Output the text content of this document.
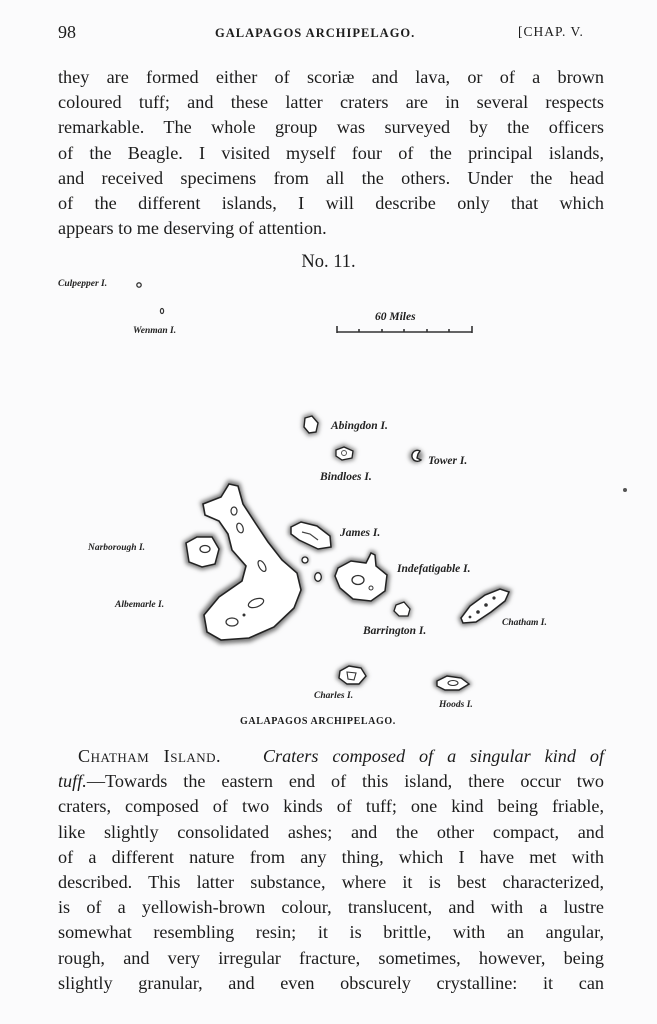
98	GALAPAGOS ARCHIPELAGO.	[CHAP. V.
they are formed either of scoriæ and lava, or of a brown
coloured tuff; and these latter craters are in several respects
remarkable. The whole group was surveyed by the officers
of the Beagle. I visited myself four of the principal islands,
and received specimens from all the others. Under the head
of the different islands, I will describe only that which
appears to me deserving of attention.
No. 11.
Culpepper I.
Wenman I.
60 Miles
Abingdon I.
Tower I.
Bindloes I.
James I.
Narborough I.
Indefatigable I.
Albemarle I.
Chatham I.
Barrington I.
Charles I.
Hoods I.
GALAPAGOS ARCHIPELAGO.
Chatham Island. Craters composed of a singular kind of
tuff.—Towards the eastern end of this island, there occur two
craters, composed of two kinds of tuff; one kind being friable,
like slightly consolidated ashes; and the other compact, and
of a different nature from any thing, which I have met with
described. This latter substance, where it is best characterized,
is of a yellowish-brown colour, translucent, and with a lustre
somewhat resembling resin; it is brittle, with an angular,
rough, and very irregular fracture, sometimes, however, being
slightly granular, and even obscurely crystalline: it can
